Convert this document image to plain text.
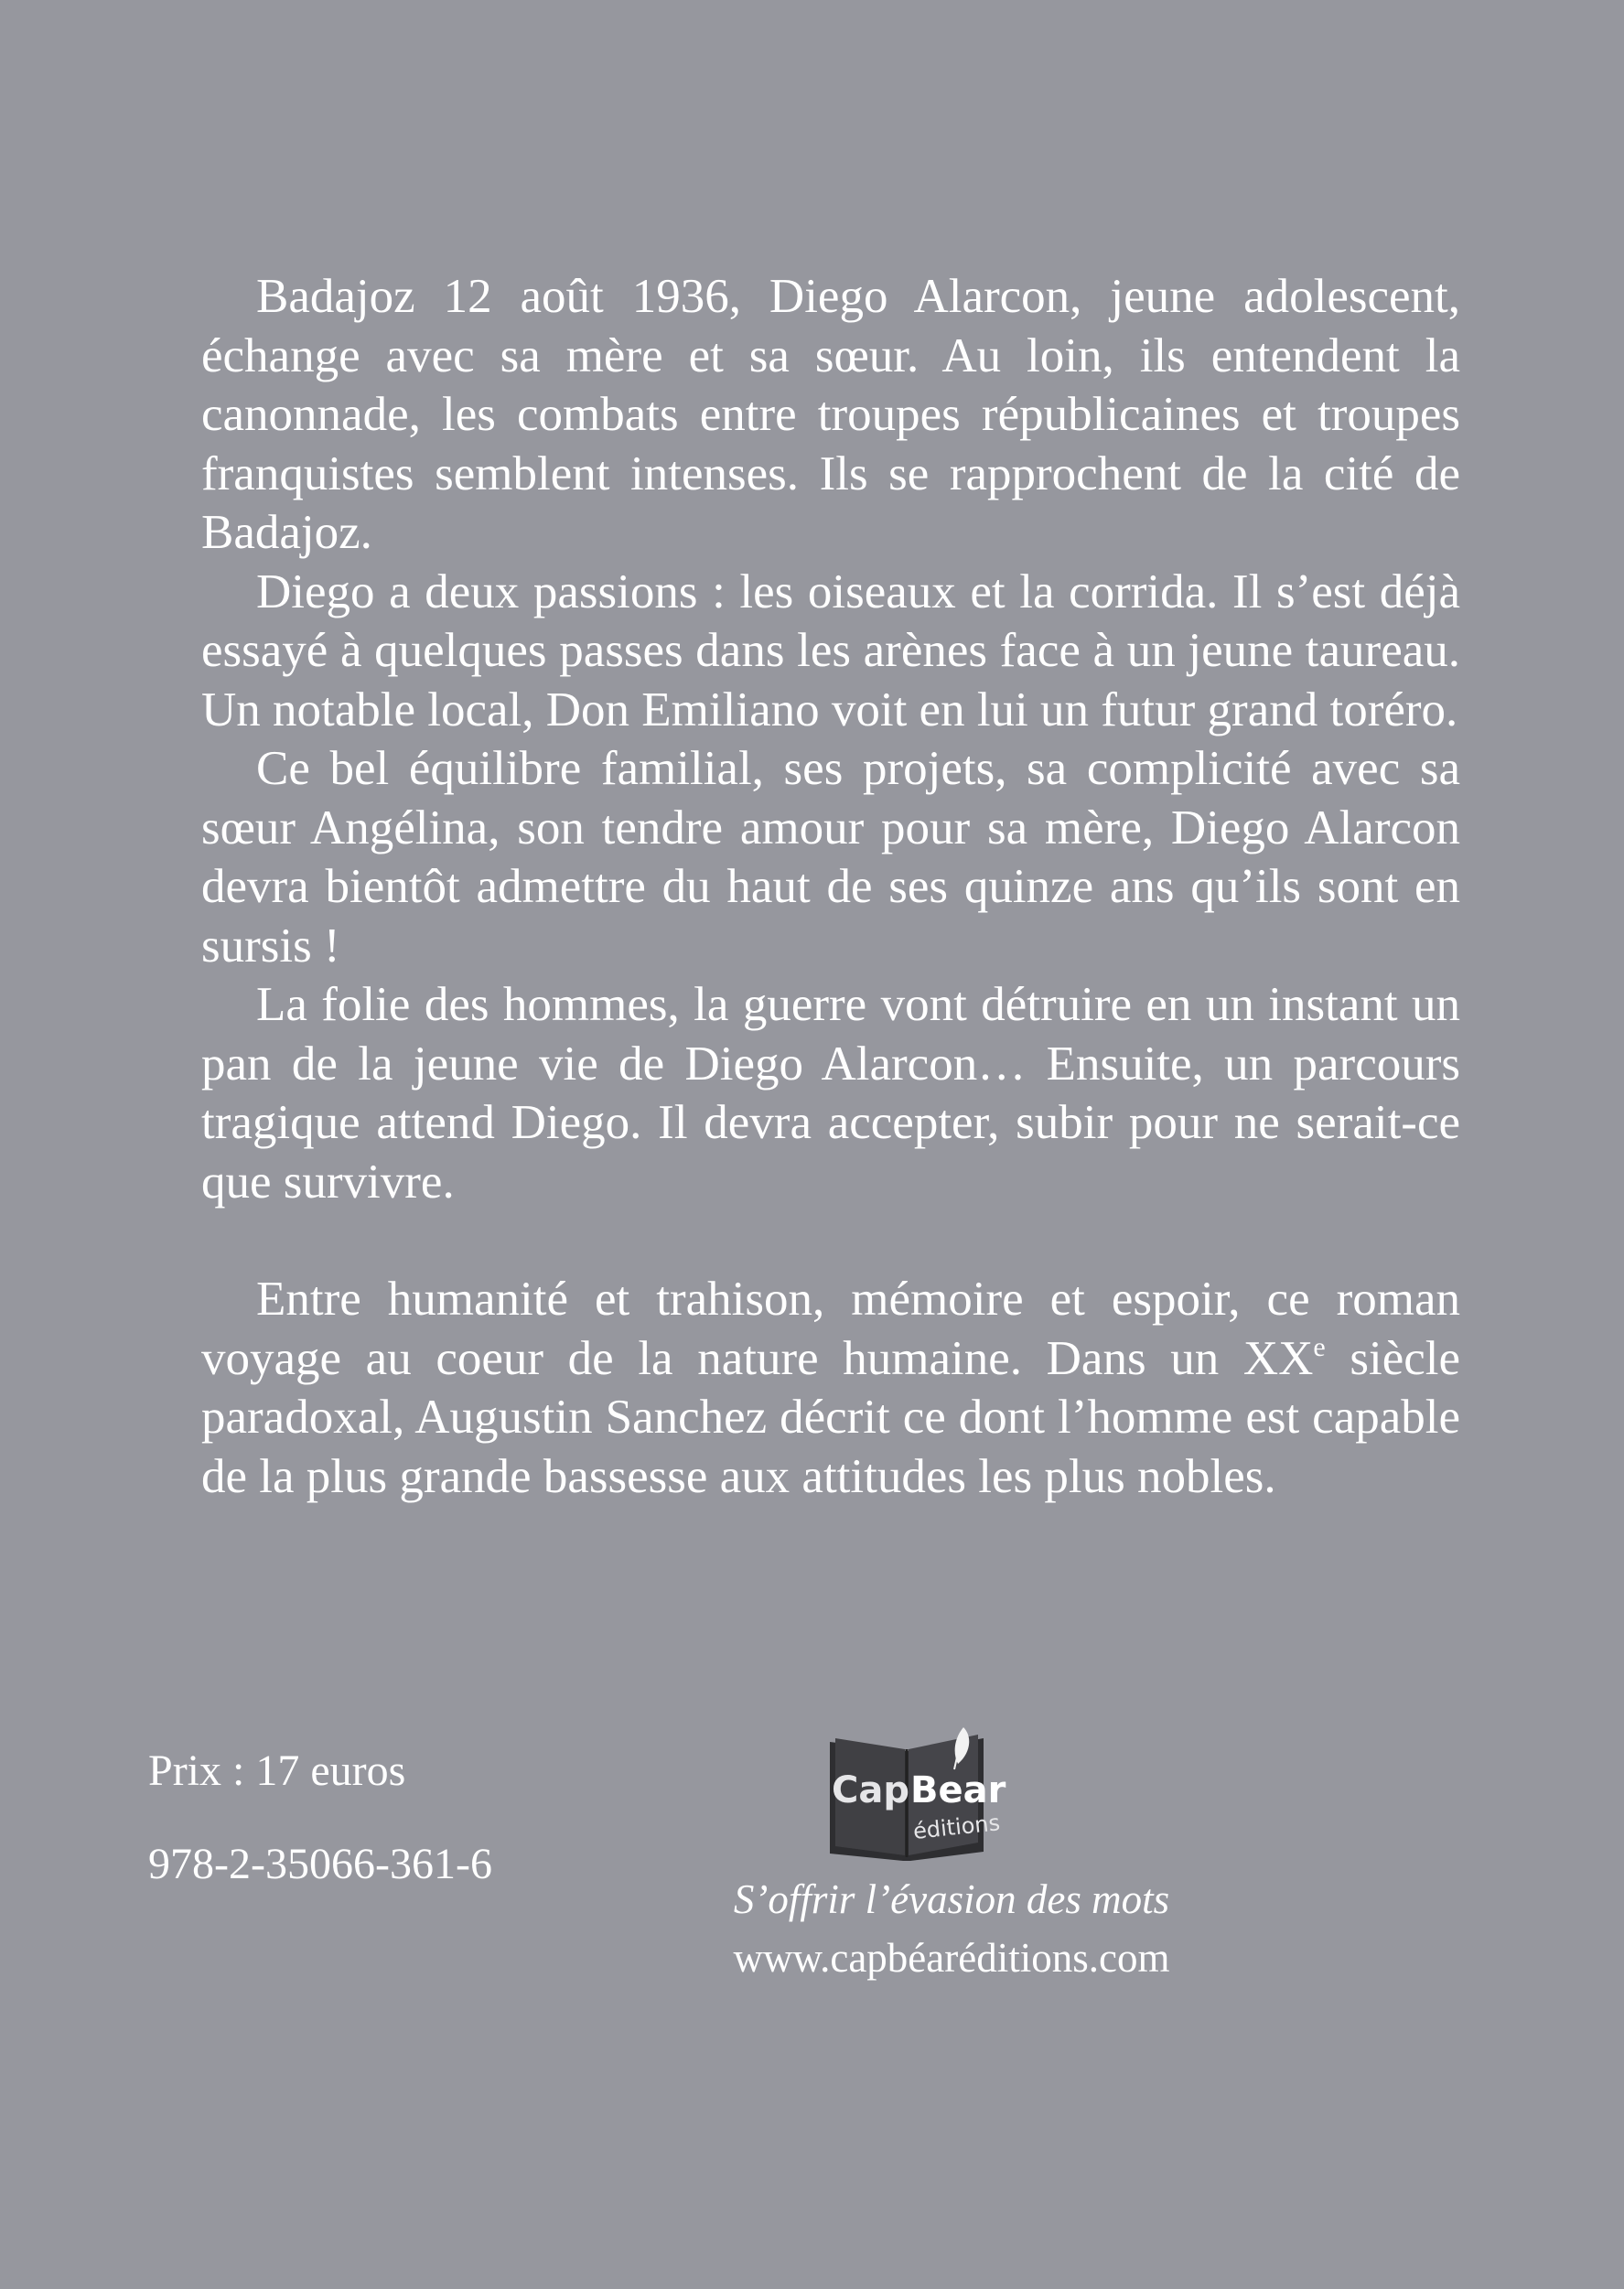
Badajoz 12 août 1936, Diego Alarcon, jeune adolescent, échange avec sa mère et sa sœur. Au loin, ils entendent la canonnade, les combats entre troupes républicaines et troupes franquistes semblent intenses. Ils se rapprochent de la cité de Badajoz.

Diego a deux passions : les oiseaux et la corrida. Il s’est déjà essayé à quelques passes dans les arènes face à un jeune taureau. Un notable local, Don Emiliano voit en lui un futur grand toréro.

Ce bel équilibre familial, ses projets, sa complicité avec sa sœur Angélina, son tendre amour pour sa mère, Diego Alarcon devra bientôt admettre du haut de ses quinze ans qu’ils sont en sursis !

La folie des hommes, la guerre vont détruire en un instant un pan de la jeune vie de Diego Alarcon… Ensuite, un parcours tragique attend Diego. Il devra accepter, subir pour ne serait-ce que survivre.

Entre humanité et trahison, mémoire et espoir, ce roman voyage au coeur de la nature humaine. Dans un XXe siècle paradoxal, Augustin Sanchez décrit ce dont l’homme est capable de la plus grande bassesse aux attitudes les plus nobles.

Prix : 17 euros
978-2-35066-361-6
Cap Bear
éditions
S’offrir l’évasion des mots
www.capbéaréditions.com
